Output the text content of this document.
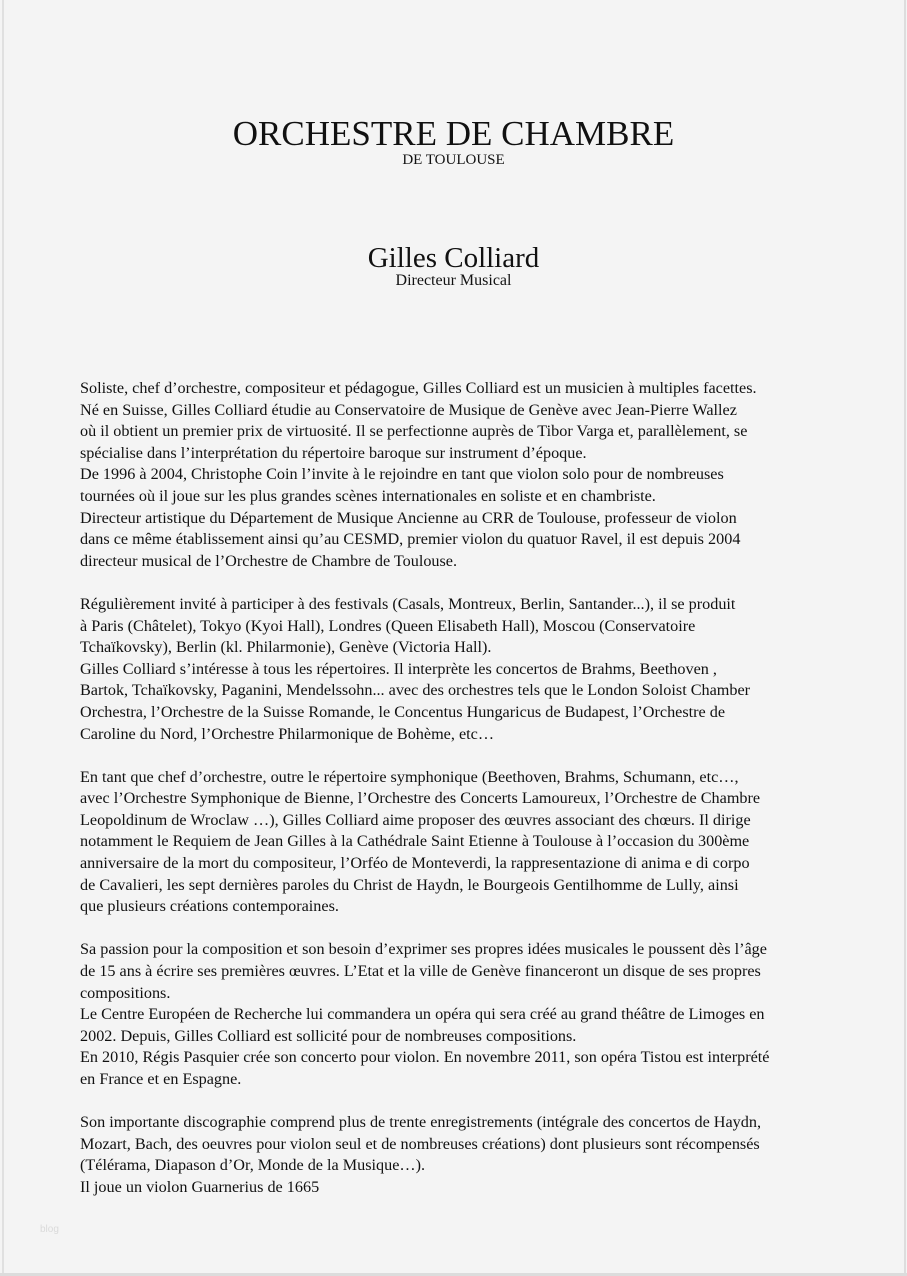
ORCHESTRE DE CHAMBRE
DE TOULOUSE
Gilles Colliard
Directeur Musical

Soliste, chef d’orchestre, compositeur et pédagogue, Gilles Colliard est un musicien à multiples facettes.
Né en Suisse, Gilles Colliard étudie au Conservatoire de Musique de Genève avec Jean-Pierre Wallez
où il obtient un premier prix de virtuosité. Il se perfectionne auprès de Tibor Varga et, parallèlement, se
spécialise dans l’interprétation du répertoire baroque sur instrument d’époque.
De 1996 à 2004, Christophe Coin l’invite à le rejoindre en tant que violon solo pour de nombreuses
tournées où il joue sur les plus grandes scènes internationales en soliste et en chambriste.
Directeur artistique du Département de Musique Ancienne au CRR de Toulouse, professeur de violon
dans ce même établissement ainsi qu’au CESMD, premier violon du quatuor Ravel, il est depuis 2004
directeur musical de l’Orchestre de Chambre de Toulouse.

Régulièrement invité à participer à des festivals (Casals, Montreux, Berlin, Santander...), il se produit
à Paris (Châtelet), Tokyo (Kyoi Hall), Londres (Queen Elisabeth Hall), Moscou (Conservatoire
Tchaïkovsky), Berlin (kl. Philarmonie), Genève (Victoria Hall).
Gilles Colliard s’intéresse à tous les répertoires. Il interprète les concertos de Brahms, Beethoven ,
Bartok, Tchaïkovsky, Paganini, Mendelssohn... avec des orchestres tels que le London Soloist Chamber
Orchestra, l’Orchestre de la Suisse Romande, le Concentus Hungaricus de Budapest, l’Orchestre de
Caroline du Nord, l’Orchestre Philarmonique de Bohème, etc…

En tant que chef d’orchestre, outre le répertoire symphonique (Beethoven, Brahms, Schumann, etc…,
avec l’Orchestre Symphonique de Bienne, l’Orchestre des Concerts Lamoureux, l’Orchestre de Chambre
Leopoldinum de Wroclaw …), Gilles Colliard aime proposer des œuvres associant des chœurs. Il dirige
notamment le Requiem de Jean Gilles à la Cathédrale Saint Etienne à Toulouse à l’occasion du 300ème
anniversaire de la mort du compositeur, l’Orféo de Monteverdi, la rappresentazione di anima e di corpo
de Cavalieri, les sept dernières paroles du Christ de Haydn, le Bourgeois Gentilhomme de Lully, ainsi
que plusieurs créations contemporaines.

Sa passion pour la composition et son besoin d’exprimer ses propres idées musicales le poussent dès l’âge
de 15 ans à écrire ses premières œuvres. L’Etat et la ville de Genève financeront un disque de ses propres
compositions.
Le Centre Européen de Recherche lui commandera un opéra qui sera créé au grand théâtre de Limoges en
2002. Depuis, Gilles Colliard est sollicité pour de nombreuses compositions.
En 2010, Régis Pasquier crée son concerto pour violon. En novembre 2011, son opéra Tistou est interprété
en France et en Espagne.

Son importante discographie comprend plus de trente enregistrements (intégrale des concertos de Haydn,
Mozart, Bach, des oeuvres pour violon seul et de nombreuses créations) dont plusieurs sont récompensés
(Télérama, Diapason d’Or, Monde de la Musique…).
Il joue un violon Guarnerius de 1665

blog
